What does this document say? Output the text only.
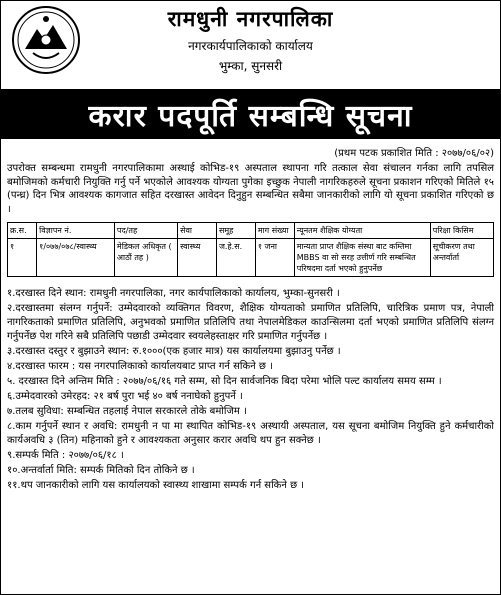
रामधुनी नगरपालिका
नगरकार्यपालिकाको कार्यालय
भुम्का, सुनसरी
करार पदपूर्ति सम्बन्धि सूचना
(प्रथम पटक प्रकाशित मिति : २०७७/०६/०२)
उपरोक्त सम्बन्धमा रामधुनी नगरपालिकामा अस्थाई कोभिड-१९ अस्पताल स्थापना गरि तत्काल सेवा संचालन गर्नका लागि तपसिल बमोजिमको कर्मचारी नियुक्ति गर्नु पर्ने भएकोले आवश्यक योग्यता पुगेका इच्छुक नेपाली नागरिकहरुले सूचना प्रकाशन गरिएको मितिले १५ (पन्ध्र) दिन भित्र आवश्यक कागजात सहित दरखास्त आवेदन दिनुहुन सम्बन्धित सबैमा जानकारीको लागि यो सूचना प्रकाशित गरिएको छ ।
क्र.स.	विज्ञापन नं.	पद/तह	सेवा	समूह	माग संख्या	न्यूनतम शैक्षिक योग्यता	परिक्षा किसिम
१	१/०७७/०७८/स्वास्थ्य	मेडिकल अधिकृत ( आठौं तह )	स्वास्थ्य	ज.हे.स.	१ जना	मान्यता प्राप्त शैक्षिक संस्था बाट कम्तिमा MBBS वा सो सरह उत्तीर्ण गरि सम्बन्धित परिषदमा दर्ता भएको हुनुपर्नेछ	सूचीकरण तथा अन्तर्वार्ता

१.दरखास्त दिने स्थान: रामधुनी नगरपालिका, नगर कार्यपालिकाको कार्यालय, भुम्का-सुनसरी ।

२.दरखास्तमा संलग्न गर्नुपर्ने: उम्मेदवारको व्यक्तिगत विवरण, शैक्षिक योग्यताको प्रमाणित प्रतिलिपि, चारित्रिक प्रमाण पत्र, नेपाली नागरिकताको प्रमाणित प्रतिलिपि, अनुभवको प्रमाणित प्रतिलिपि तथा नेपालमेडिकल काउन्सिलमा दर्ता भएको प्रमाणित प्रतिलिपि संलग्न गर्नुपर्नेछ पेश गरिने सबै प्रतिलिपि पछाडी उम्मेदवार स्वयलेहस्ताक्षर गरि प्रमाणित गर्नुपर्नेछ ।

३.दरखास्त दस्तुर र बुझाउने स्थान: रु.१०००(एक हजार मात्र) यस कार्यालयमा बुझाउनु पर्नेछ ।

४.दरखास्त फारम : यस नगरपालिकाको कार्यालयबाट प्राप्त गर्न सकिने छ ।

५. दरखास्त दिने अन्तिम मिति : २०७७/०६/१६ गते सम्म, सो दिन सार्वजनिक बिदा परेमा भोलि पल्ट कार्यालय समय सम्म ।

६.उम्मेदवारको उमेरहद: २१ बर्ष पुरा भई ४० बर्ष ननाघेको हुनुपर्ने ।

७.तलब सुविधा: सम्बन्धित तहलाई नेपाल सरकारले तोके बमोजिम ।

८.काम गर्नुपर्ने स्थान र अवधि: रामधुनी न पा मा स्थापित कोभिड-१९ अस्थायी अस्पताल, यस सूचना बमोजिम नियुक्ति हुने कर्मचारीको कार्यअवधि ३ (तिन) महिनाको हुने र आवश्यकता अनुसार करार अवधि थप हुन सक्नेछ ।

९.सम्पर्क मिति : २०७७/०६/१८ ।

१०.अन्तर्वार्ता मिति: सम्पर्क मितिको दिन तोकिने छ ।

११.थप जानकारीको लागि यस कार्यालयको स्वास्थ्य शाखामा सम्पर्क गर्न सकिने छ ।
